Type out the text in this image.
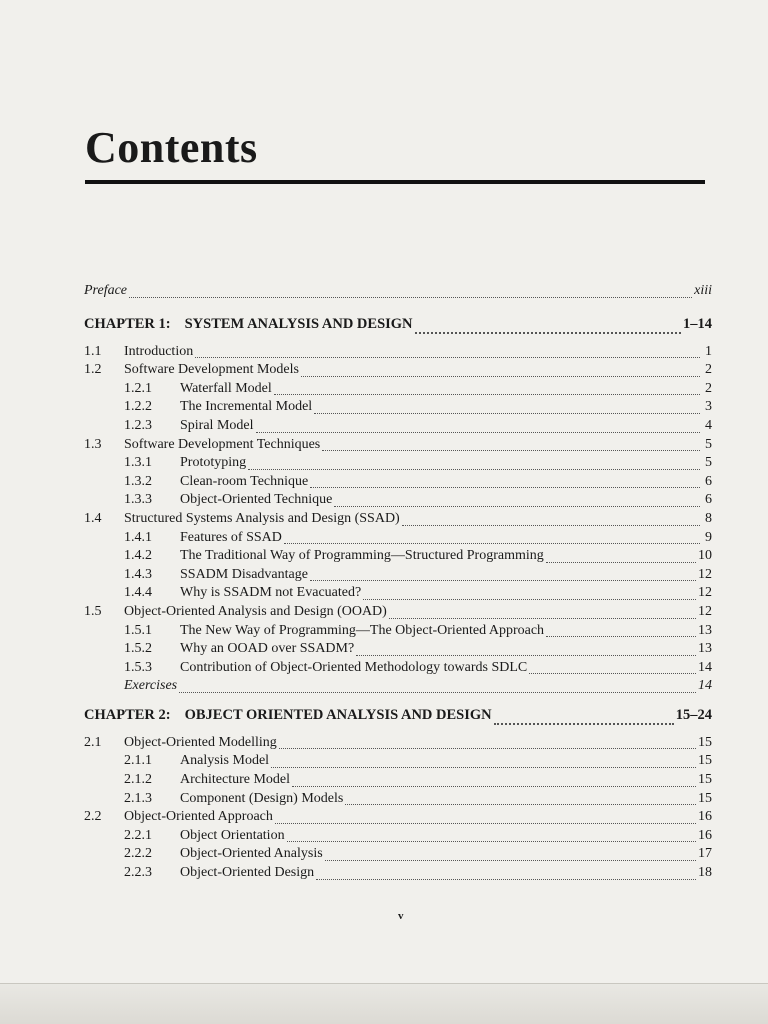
Contents
Preface	xiii
CHAPTER 1: SYSTEM ANALYSIS AND DESIGN	1–14
1.1	Introduction	1
1.2	Software Development Models	2
1.2.1	Waterfall Model	2
1.2.2	The Incremental Model	3
1.2.3	Spiral Model	4
1.3	Software Development Techniques	5
1.3.1	Prototyping	5
1.3.2	Clean-room Technique	6
1.3.3	Object-Oriented Technique	6
1.4	Structured Systems Analysis and Design (SSAD)	8
1.4.1	Features of SSAD	9
1.4.2	The Traditional Way of Programming—Structured Programming	10
1.4.3	SSADM Disadvantage	12
1.4.4	Why is SSADM not Evacuated?	12
1.5	Object-Oriented Analysis and Design (OOAD)	12
1.5.1	The New Way of Programming—The Object-Oriented Approach	13
1.5.2	Why an OOAD over SSADM?	13
1.5.3	Contribution of Object-Oriented Methodology towards SDLC	14
Exercises	14
CHAPTER 2: OBJECT ORIENTED ANALYSIS AND DESIGN	15–24
2.1	Object-Oriented Modelling	15
2.1.1	Analysis Model	15
2.1.2	Architecture Model	15
2.1.3	Component (Design) Models	15
2.2	Object-Oriented Approach	16
2.2.1	Object Orientation	16
2.2.2	Object-Oriented Analysis	17
2.2.3	Object-Oriented Design	18
v
